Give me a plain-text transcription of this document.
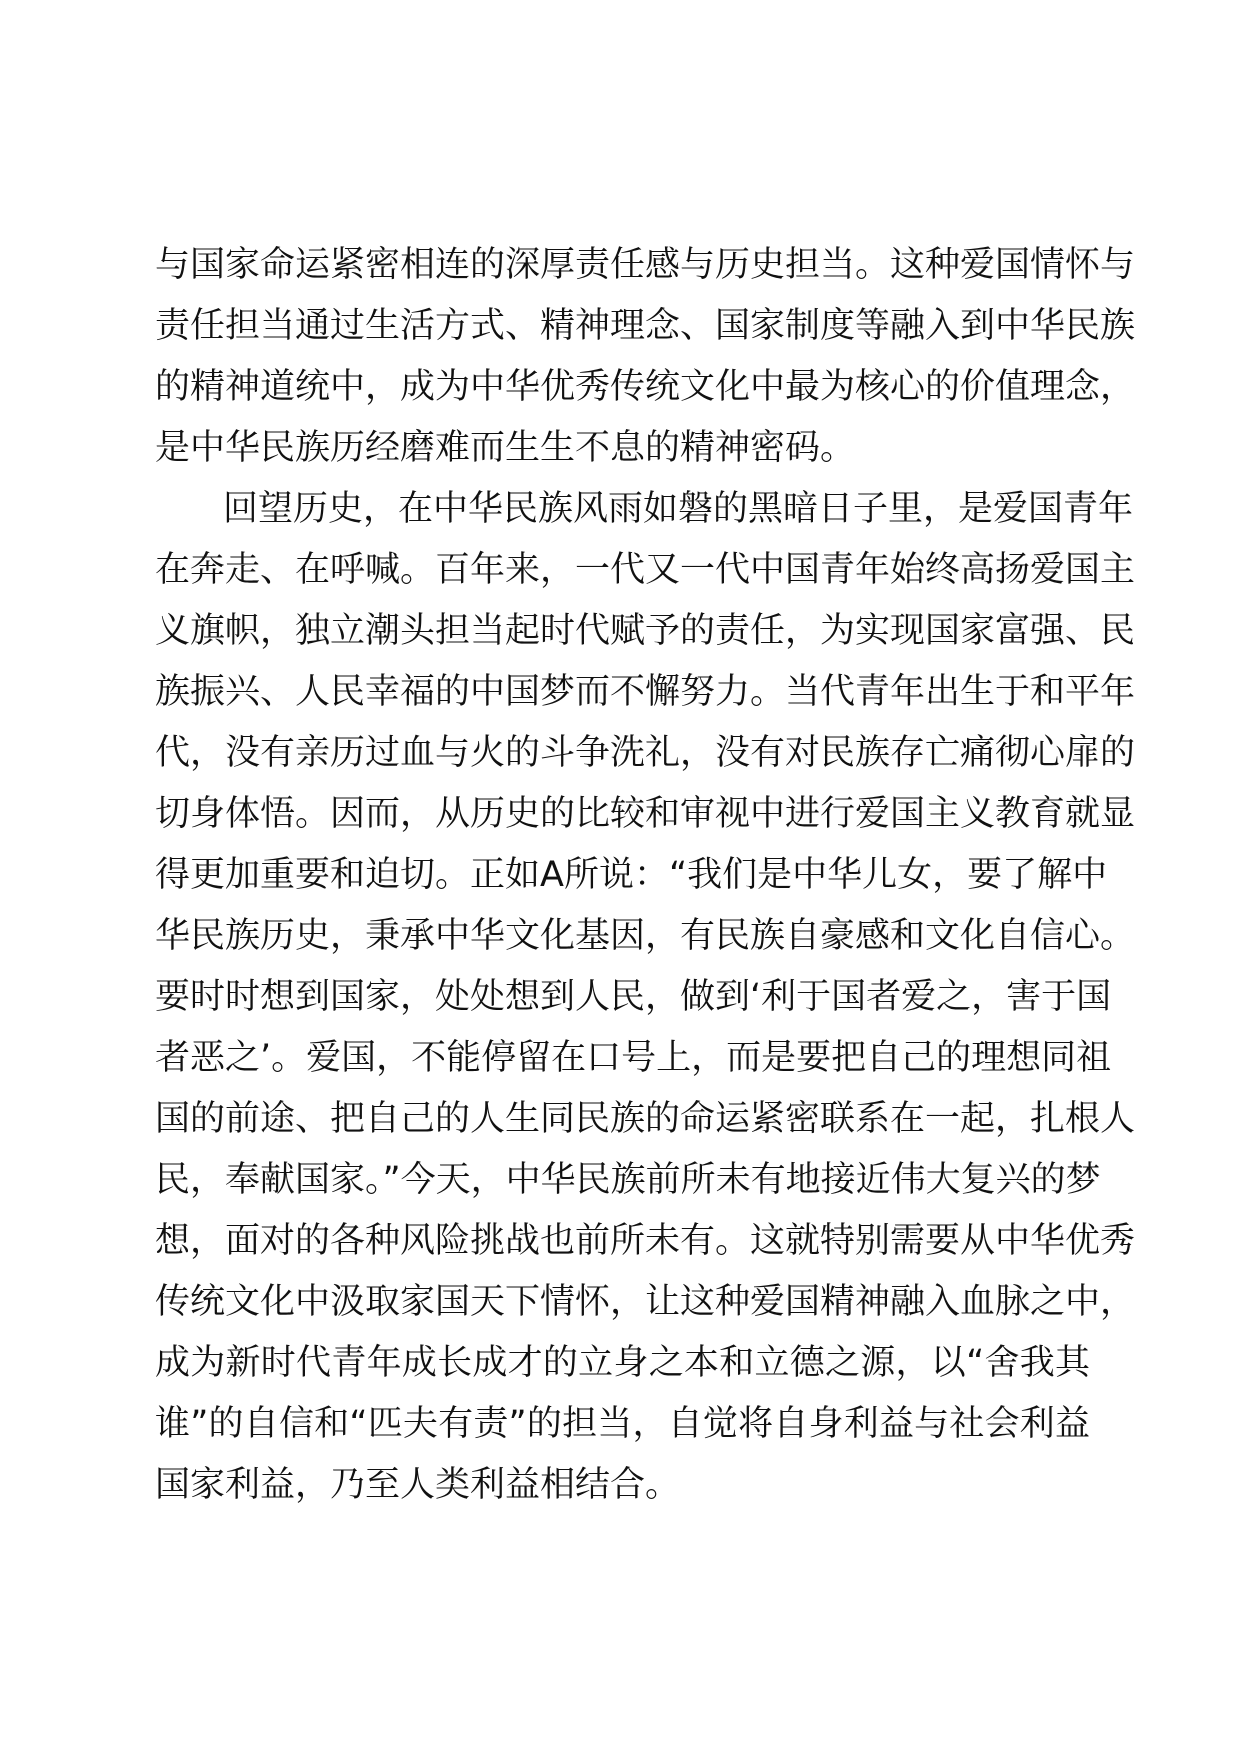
与国家命运紧密相连的深厚责任感与历史担当。这种爱国情怀与
责任担当通过生活方式、精神理念、国家制度等融入到中华民族
的精神道统中，成为中华优秀传统文化中最为核心的价值理念，
是中华民族历经磨难而生生不息的精神密码。
回望历史，在中华民族风雨如磐的黑暗日子里，是爱国青年
在奔走、在呼喊。百年来，一代又一代中国青年始终高扬爱国主
义旗帜，独立潮头担当起时代赋予的责任，为实现国家富强、民
族振兴、人民幸福的中国梦而不懈努力。当代青年出生于和平年
代，没有亲历过血与火的斗争洗礼，没有对民族存亡痛彻心扉的
切身体悟。因而，从历史的比较和审视中进行爱国主义教育就显
得更加重要和迫切。正如A所说：“我们是中华儿女，要了解中
华民族历史，秉承中华文化基因，有民族自豪感和文化自信心。
要时时想到国家，处处想到人民，做到‘利于国者爱之，害于国
者恶之’。爱国，不能停留在口号上，而是要把自己的理想同祖
国的前途、把自己的人生同民族的命运紧密联系在一起，扎根人
民，奉献国家。”今天，中华民族前所未有地接近伟大复兴的梦
想，面对的各种风险挑战也前所未有。这就特别需要从中华优秀
传统文化中汲取家国天下情怀，让这种爱国精神融入血脉之中，
成为新时代青年成长成才的立身之本和立德之源，以“舍我其
谁”的自信和“匹夫有责”的担当，自觉将自身利益与社会利益
国家利益，乃至人类利益相结合。
